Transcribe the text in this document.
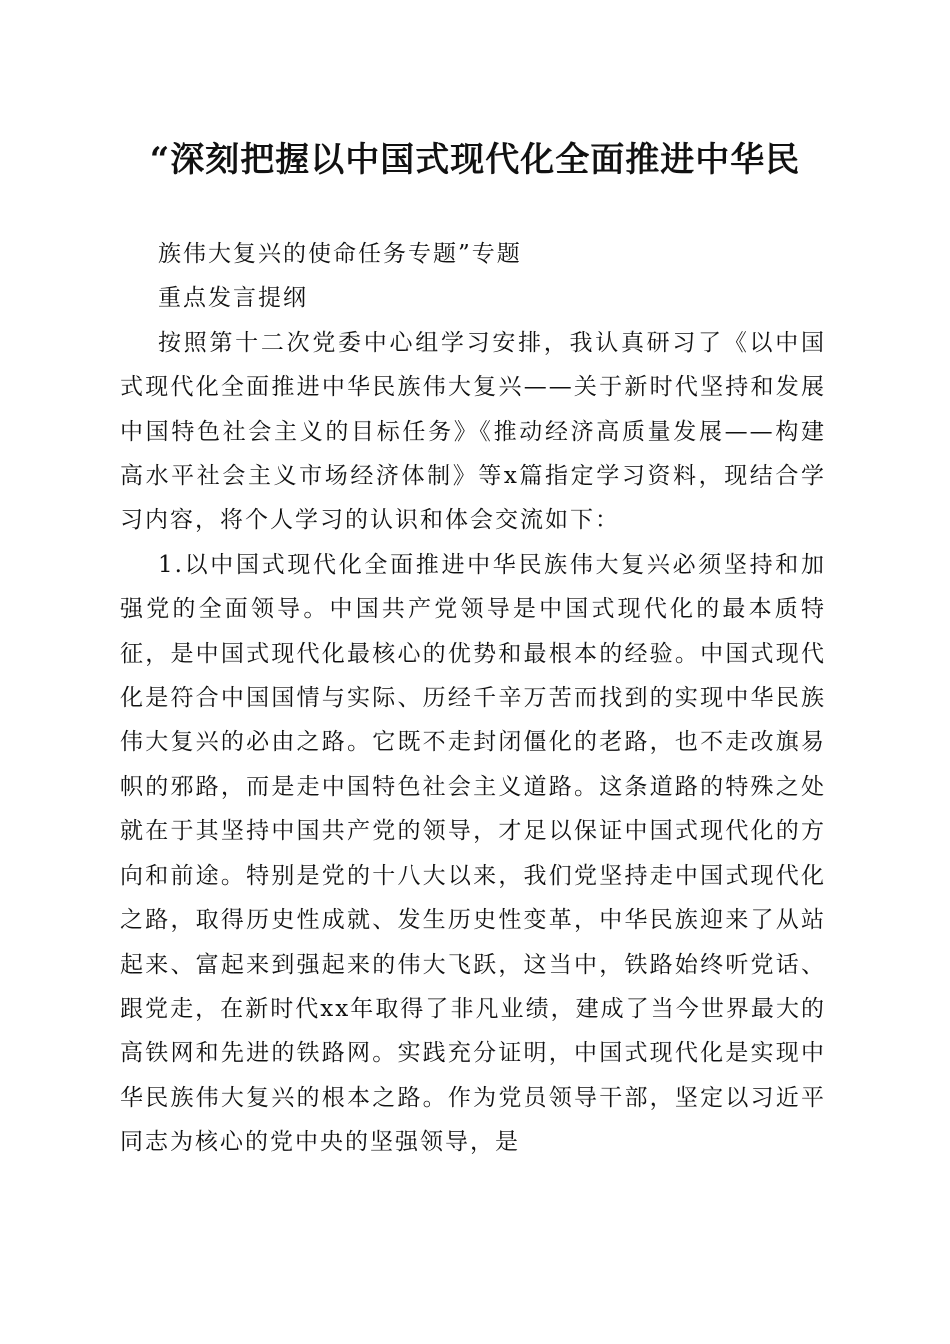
“深刻把握以中国式现代化全面推进中华民

族伟大复兴的使命任务专题”专题

重点发言提纲

按照第十二次党委中心组学习安排，我认真研习了《以中国式现代化全面推进中华民族伟大复兴——关于新时代坚持和发展中国特色社会主义的目标任务》《推动经济高质量发展——构建高水平社会主义市场经济体制》等x篇指定学习资料，现结合学习内容，将个人学习的认识和体会交流如下：

1.以中国式现代化全面推进中华民族伟大复兴必须坚持和加强党的全面领导。中国共产党领导是中国式现代化的最本质特征，是中国式现代化最核心的优势和最根本的经验。中国式现代化是符合中国国情与实际、历经千辛万苦而找到的实现中华民族伟大复兴的必由之路。它既不走封闭僵化的老路，也不走改旗易帜的邪路，而是走中国特色社会主义道路。这条道路的特殊之处就在于其坚持中国共产党的领导，才足以保证中国式现代化的方向和前途。特别是党的十八大以来，我们党坚持走中国式现代化之路，取得历史性成就、发生历史性变革，中华民族迎来了从站起来、富起来到强起来的伟大飞跃，这当中，铁路始终听党话、跟党走，在新时代xx年取得了非凡业绩，建成了当今世界最大的高铁网和先进的铁路网。实践充分证明，中国式现代化是实现中华民族伟大复兴的根本之路。作为党员领导干部，坚定以习近平同志为核心的党中央的坚强领导，是
